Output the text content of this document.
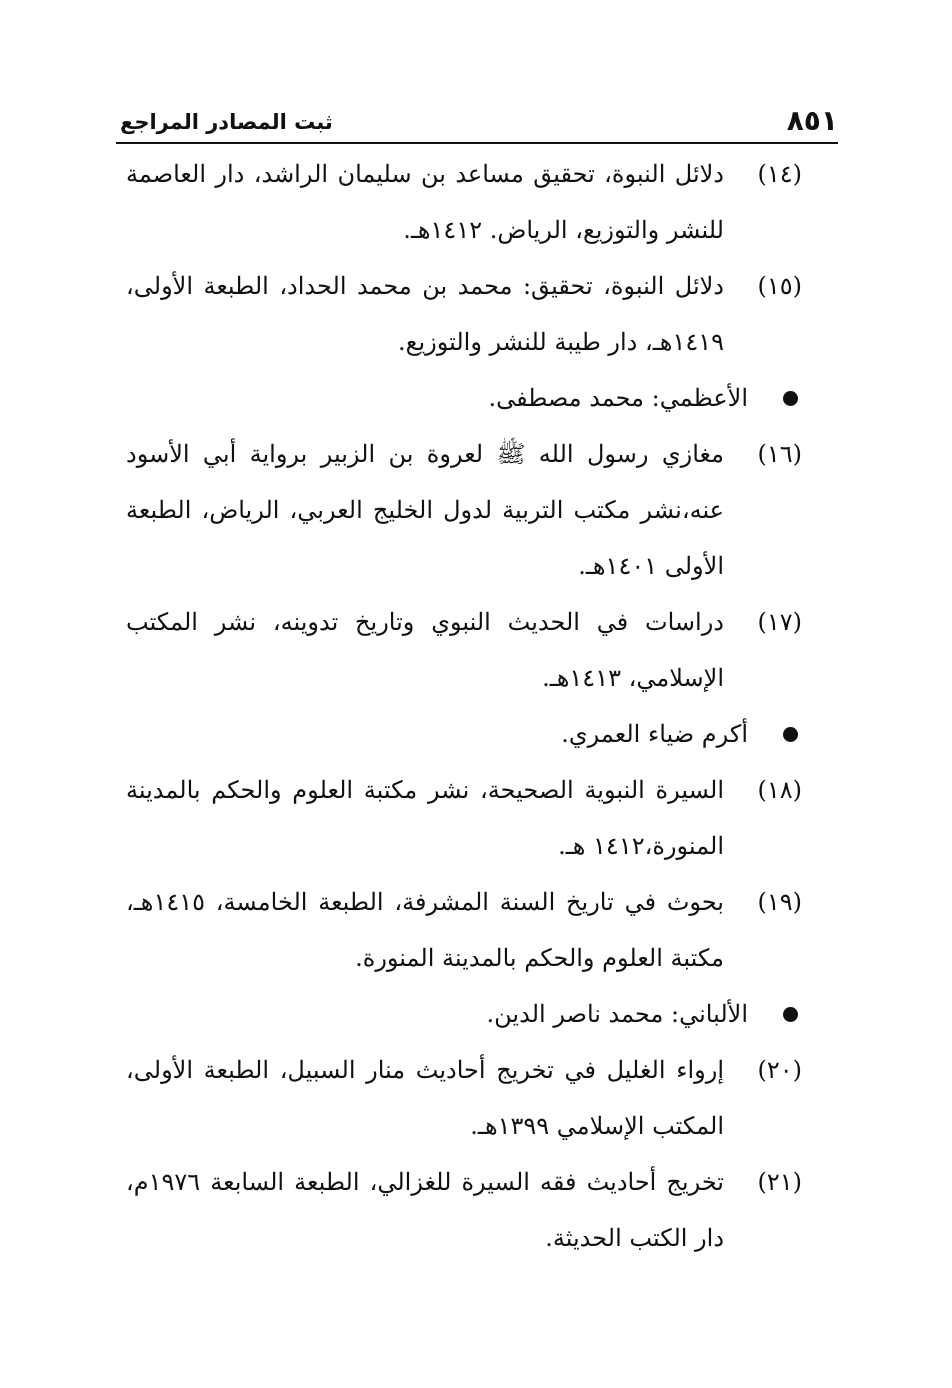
٨٥١
ثبت المصادر المراجع

(١٤)
دلائل النبوة، تحقيق مساعد بن سليمان الراشد، دار العاصمة للنشر والتوزيع، الرياض. ١٤١٢هـ.

(١٥)
دلائل النبوة، تحقيق: محمد بن محمد الحداد، الطبعة الأولى، ١٤١٩هـ، دار طيبة للنشر والتوزيع.

الأعظمي: محمد مصطفى.

(١٦)
مغازي رسول الله ﷺ لعروة بن الزبير برواية أبي الأسود عنه،نشر مكتب التربية لدول الخليج العربي، الرياض، الطبعة الأولى ١٤٠١هـ.

(١٧)
دراسات في الحديث النبوي وتاريخ تدوينه، نشر المكتب الإسلامي، ١٤١٣هـ.

أكرم ضياء العمري.

(١٨)
السيرة النبوية الصحيحة، نشر مكتبة العلوم والحكم بالمدينة المنورة،١٤١٢ هـ.

(١٩)
بحوث في تاريخ السنة المشرفة، الطبعة الخامسة، ١٤١٥هـ، مكتبة العلوم والحكم بالمدينة المنورة.

الألباني: محمد ناصر الدين.

(٢٠)
إرواء الغليل في تخريج أحاديث منار السبيل، الطبعة الأولى، المكتب الإسلامي ١٣٩٩هـ.

(٢١)
تخريج أحاديث فقه السيرة للغزالي، الطبعة السابعة ١٩٧٦م، دار الكتب الحديثة.
